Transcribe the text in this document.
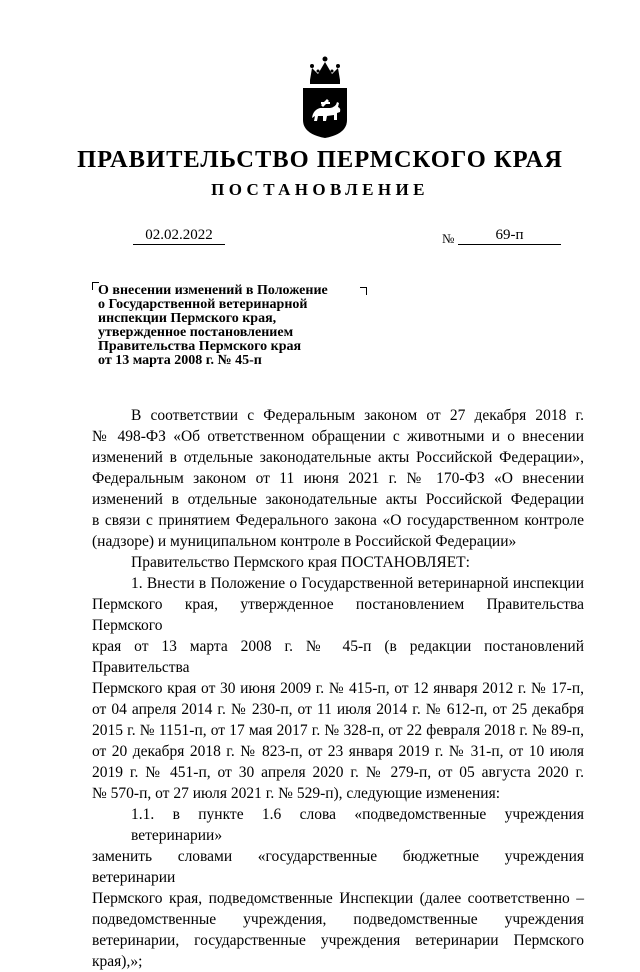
ПРАВИТЕЛЬСТВО ПЕРМСКОГО КРАЯ
ПОСТАНОВЛЕНИЕ
02.02.2022	№	69-п
О внесении изменений в Положение
о Государственной ветеринарной
инспекции Пермского края,
утвержденное постановлением
Правительства Пермского края
от 13 марта 2008 г. № 45-п
В соответствии с Федеральным законом от 27 декабря 2018 г.
№ 498-ФЗ «Об ответственном обращении с животными и о внесении
изменений в отдельные законодательные акты Российской Федерации»,
Федеральным законом от 11 июня 2021 г. № 170-ФЗ «О внесении
изменений в отдельные законодательные акты Российской Федерации
в связи с принятием Федерального закона «О государственном контроле
(надзоре) и муниципальном контроле в Российской Федерации»
Правительство Пермского края ПОСТАНОВЛЯЕТ:
1. Внести в Положение о Государственной ветеринарной инспекции
Пермского края, утвержденное постановлением Правительства Пермского
края от 13 марта 2008 г. № 45-п (в редакции постановлений Правительства
Пермского края от 30 июня 2009 г. № 415-п, от 12 января 2012 г. № 17-п,
от 04 апреля 2014 г. № 230-п, от 11 июля 2014 г. № 612-п, от 25 декабря
2015 г. № 1151-п, от 17 мая 2017 г. № 328-п, от 22 февраля 2018 г. № 89-п,
от 20 декабря 2018 г. № 823-п, от 23 января 2019 г. № 31-п, от 10 июля
2019 г. № 451-п, от 30 апреля 2020 г. № 279-п, от 05 августа 2020 г.
№ 570-п, от 27 июля 2021 г. № 529-п), следующие изменения:
1.1. в пункте 1.6 слова «подведомственные учреждения ветеринарии»
заменить словами «государственные бюджетные учреждения ветеринарии
Пермского края, подведомственные Инспекции (далее соответственно –
подведомственные учреждения, подведомственные учреждения
ветеринарии, государственные учреждения ветеринарии Пермского
края),»;
